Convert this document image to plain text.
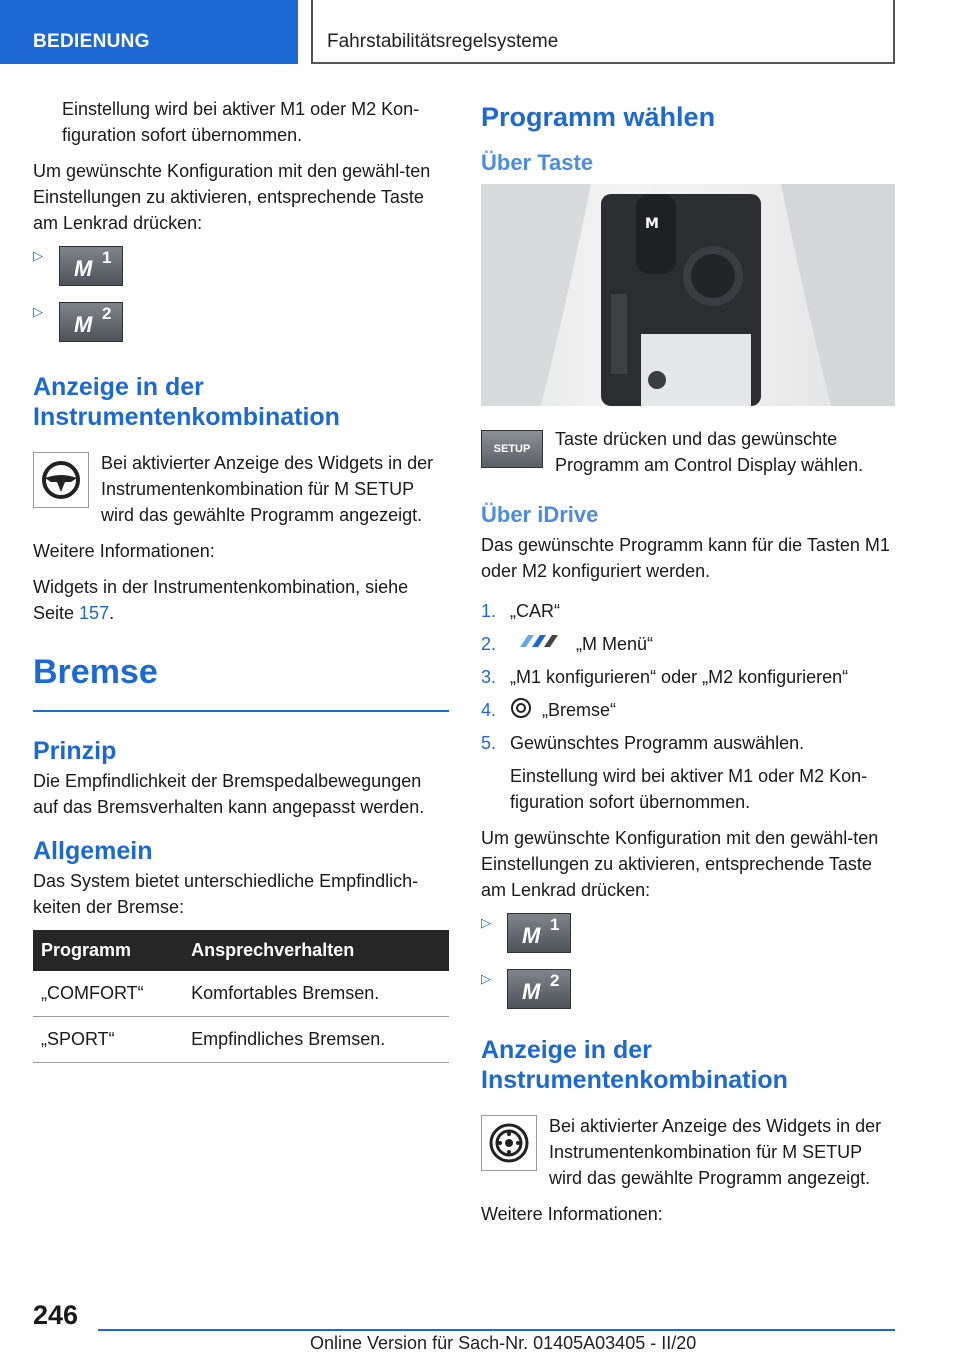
BEDIENUNG	Fahrstabilitätsregelsysteme

Einstellung wird bei aktiver M1 oder M2 Kon-figuration sofort übernommen.

Um gewünschte Konfiguration mit den gewähl-ten Einstellungen zu aktivieren, entsprechende Taste am Lenkrad drücken:

▷
M 1
▷
M 2
Anzeige in der Instrumentenkombination

Bei aktivierter Anzeige des Widgets in der Instrumentenkombination für M SETUP wird das gewählte Programm angezeigt.

Weitere Informationen:

Widgets in der Instrumentenkombination, siehe Seite 157.

Bremse
Prinzip

Die Empfindlichkeit der Bremspedalbewegungen auf das Bremsverhalten kann angepasst werden.

Allgemein

Das System bietet unterschiedliche Empfindlich-keiten der Bremse:

Programm	Ansprechverhalten
„COMFORT“	Komfortables Bremsen.
„SPORT“	Empfindliches Bremsen.
Programm wählen
Über Taste
M
SETUP	Taste drücken und das gewünschte Programm am Control Display wählen.

Über iDrive

Das gewünschte Programm kann für die Tasten M1 oder M2 konfiguriert werden.

1. „CAR“
2.	„M Menü“
3. „M1 konfigurieren“ oder „M2 konfigurieren“
4.	„Bremse“
5. Gewünschtes Programm auswählen.

Einstellung wird bei aktiver M1 oder M2 Kon-figuration sofort übernommen.

Um gewünschte Konfiguration mit den gewähl-ten Einstellungen zu aktivieren, entsprechende Taste am Lenkrad drücken:

▷
M 1
▷
M 2
Anzeige in der Instrumentenkombination

Bei aktivierter Anzeige des Widgets in der Instrumentenkombination für M SETUP wird das gewählte Programm angezeigt.

Weitere Informationen:

246
Online Version für Sach-Nr. 01405A03405 - II/20
